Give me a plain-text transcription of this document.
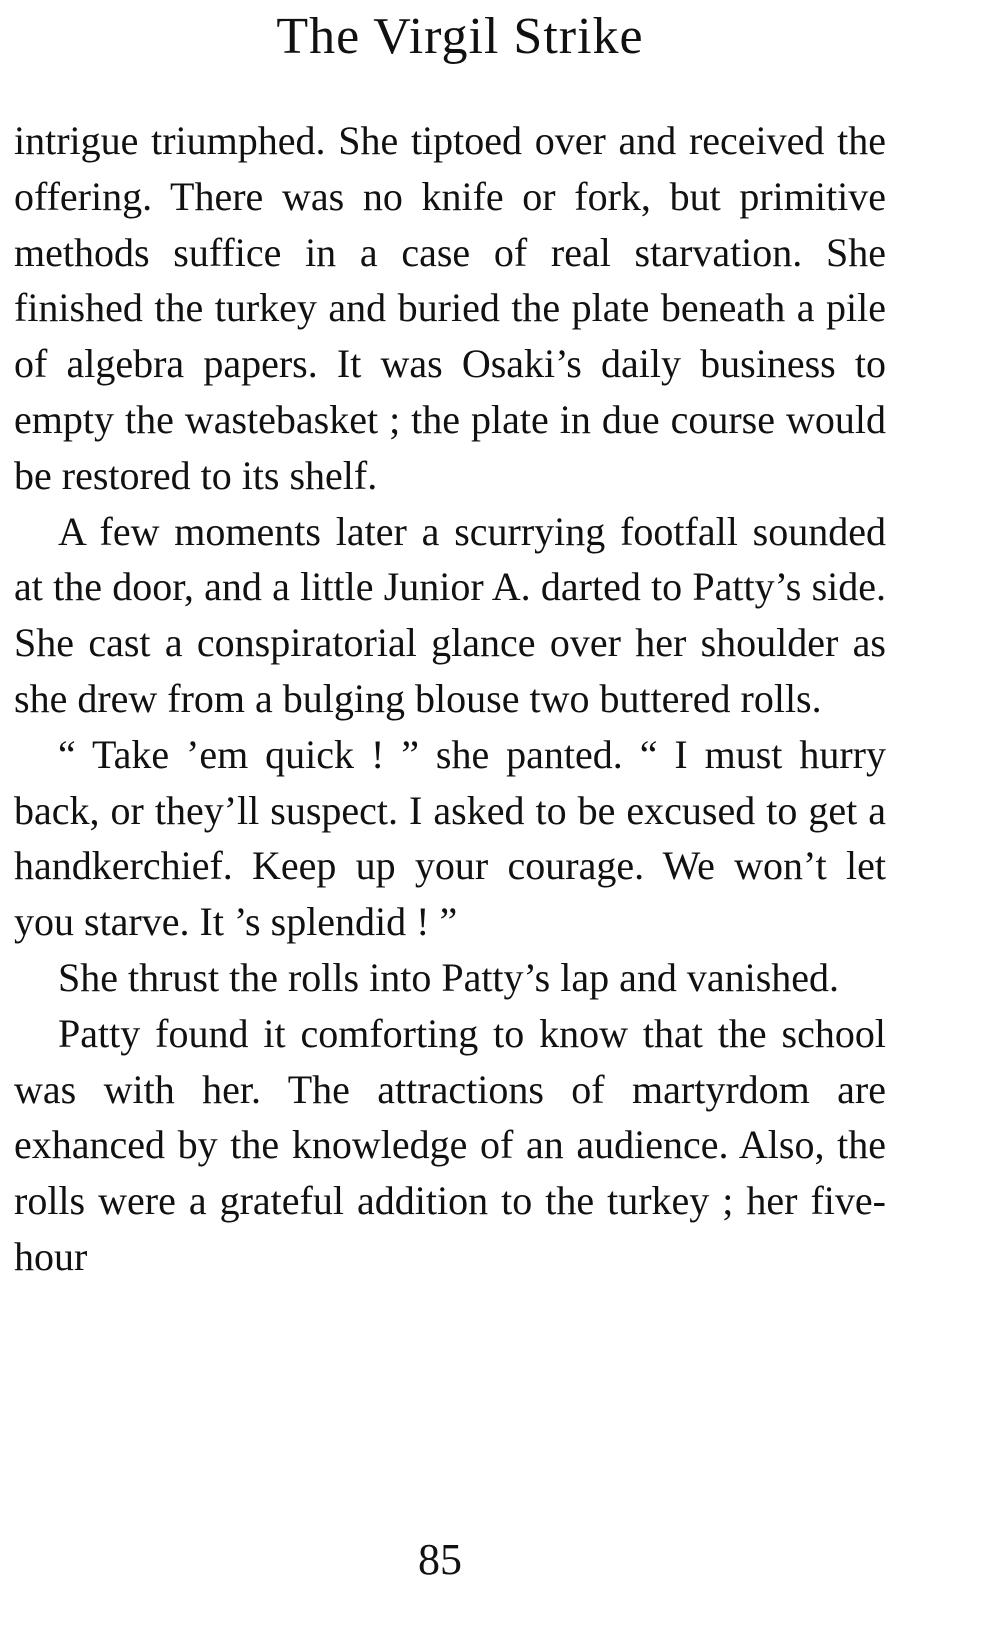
The Virgil Strike

intrigue triumphed. She tiptoed over and received the offering. There was no knife or fork, but primitive methods suffice in a case of real starvation. She finished the turkey and buried the plate beneath a pile of algebra papers. It was Osaki’s daily business to empty the wastebasket ; the plate in due course would be restored to its shelf.

A few moments later a scurrying footfall sounded at the door, and a little Junior A. darted to Patty’s side. She cast a conspiratorial glance over her shoulder as she drew from a bulging blouse two buttered rolls.

“ Take ’em quick ! ” she panted. “ I must hurry back, or they’ll suspect. I asked to be excused to get a handkerchief. Keep up your courage. We won’t let you starve. It ’s splendid ! ”

She thrust the rolls into Patty’s lap and vanished.

Patty found it comforting to know that the school was with her. The attractions of martyrdom are exhanced by the knowledge of an audience. Also, the rolls were a grateful addition to the turkey ; her five-hour

85
